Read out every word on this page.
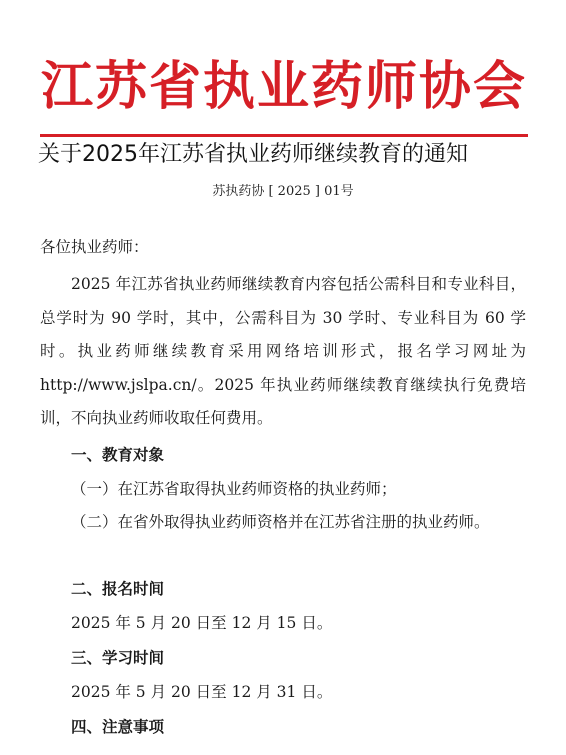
江苏省执业药师协会
关于2025年江苏省执业药师继续教育的通知
苏执药协 [ 2025 ] 01号
各位执业药师：
2025 年江苏省执业药师继续教育内容包括公需科目和专业科目，总学时为 90 学时，其中，公需科目为 30 学时、专业科目为 60 学时。执业药师继续教育采用网络培训形式，报名学习网址为 http://www.jslpa.cn/。2025 年执业药师继续教育继续执行免费培训，不向执业药师收取任何费用。
一、教育对象
（一）在江苏省取得执业药师资格的执业药师；
（二）在省外取得执业药师资格并在江苏省注册的执业药师。
二、报名时间
2025 年 5 月 20 日至 12 月 15 日。
三、学习时间
2025 年 5 月 20 日至 12 月 31 日。
四、注意事项
